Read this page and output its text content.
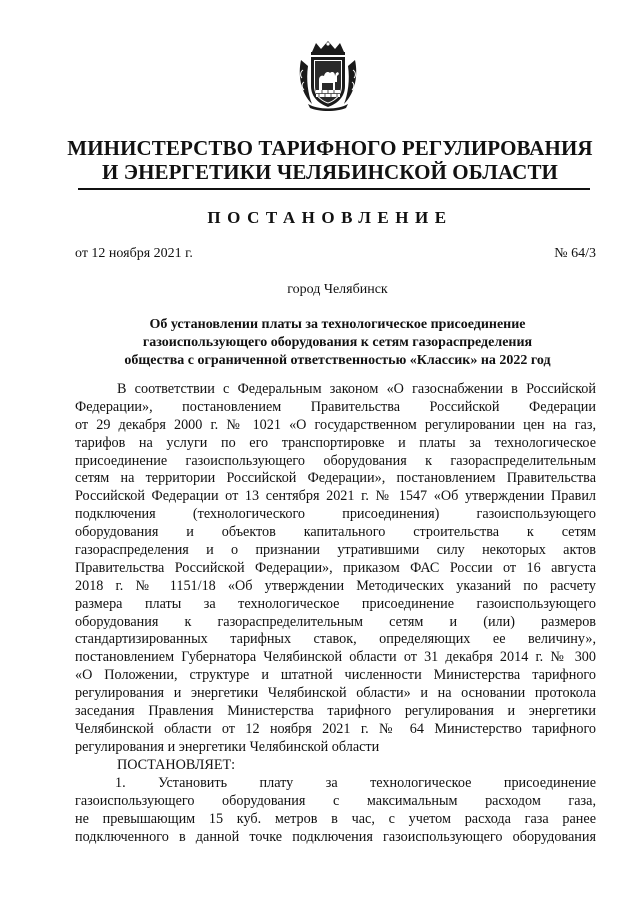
МИНИСТЕРСТВО ТАРИФНОГО РЕГУЛИРОВАНИЯ
И ЭНЕРГЕТИКИ ЧЕЛЯБИНСКОЙ ОБЛАСТИ
ПОСТАНОВЛЕНИЕ
от 12 ноября 2021 г.	№ 64/3
город Челябинск
Об установлении платы за технологическое присоединение
газоиспользующего оборудования к сетям газораспределения
общества с ограниченной ответственностью «Классик» на 2022 год
В соответствии с Федеральным законом «О газоснабжении в Российской
Федерации», постановлением Правительства Российской Федерации
от 29 декабря 2000 г. № 1021 «О государственном регулировании цен на газ,
тарифов на услуги по его транспортировке и платы за технологическое
присоединение газоиспользующего оборудования к газораспределительным
сетям на территории Российской Федерации», постановлением Правительства
Российской Федерации от 13 сентября 2021 г. № 1547 «Об утверждении Правил
подключения (технологического присоединения) газоиспользующего
оборудования и объектов капитального строительства к сетям
газораспределения и о признании утратившими силу некоторых актов
Правительства Российской Федерации», приказом ФАС России от 16 августа
2018 г. № 1151/18 «Об утверждении Методических указаний по расчету
размера платы за технологическое присоединение газоиспользующего
оборудования к газораспределительным сетям и (или) размеров
стандартизированных тарифных ставок, определяющих ее величину»,
постановлением Губернатора Челябинской области от 31 декабря 2014 г. № 300
«О Положении, структуре и штатной численности Министерства тарифного
регулирования и энергетики Челябинской области» и на основании протокола
заседания Правления Министерства тарифного регулирования и энергетики
Челябинской области от 12 ноября 2021 г. № 64 Министерство тарифного
регулирования и энергетики Челябинской области
ПОСТАНОВЛЯЕТ:
1. Установить плату за технологическое присоединение
газоиспользующего оборудования с максимальным расходом газа,
не превышающим 15 куб. метров в час, с учетом расхода газа ранее
подключенного в данной точке подключения газоиспользующего оборудования
